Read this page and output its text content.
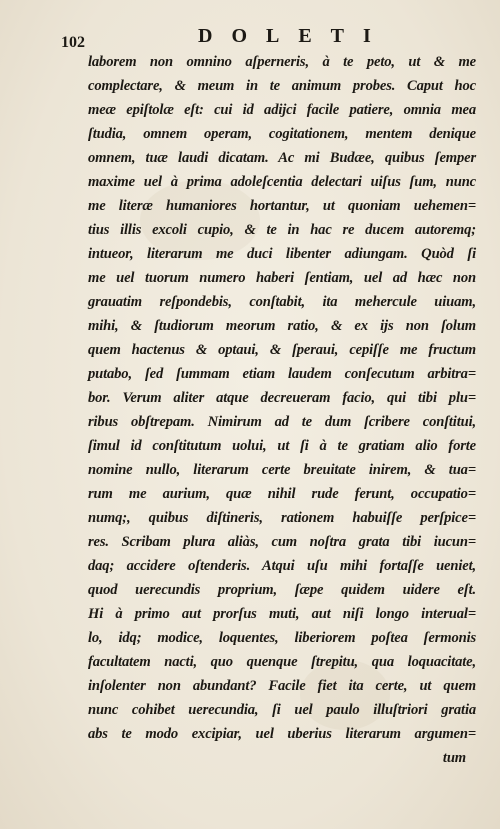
102	DOLETI
laborem non omnino aſperneris, à te peto, ut & me
complectare, & meum in te animum probes. Caput hoc
meæ epiſtolæ eſt: cui id adijci facile patiere, omnia mea
ſtudia, omnem operam, cogitationem, mentem denique
omnem, tuæ laudi dicatam. Ac mi Budæe, quibus ſemper
maxime uel à prima adoleſcentia delectari uiſus ſum, nunc
me literæ humaniores hortantur, ut quoniam uehemen=
tius illis excoli cupio, & te in hac re ducem autoremq;
intueor, literarum me duci libenter adiungam. Quòd ſi
me uel tuorum numero haberi ſentiam, uel ad hæc non
grauatim reſpondebis, conſtabit, ita mehercule uiuam,
mihi, & ſtudiorum meorum ratio, & ex ijs non ſolum
quem hactenus & optaui, & ſperaui, cepiſſe me fructum
putabo, ſed ſummam etiam laudem conſecutum arbitra=
bor. Verum aliter atque decreueram facio, qui tibi plu=
ribus obſtrepam. Nimirum ad te dum ſcribere conſtitui,
ſimul id conſtitutum uolui, ut ſi à te gratiam alio forte
nomine nullo, literarum certe breuitate inirem, & tua=
rum me aurium, quæ nihil rude ferunt, occupatio=
numq;, quibus diſtineris, rationem habuiſſe perſpice=
res. Scribam plura aliàs, cum noſtra grata tibi iucun=
daq; accidere oſtenderis. Atqui uſu mihi fortaſſe ueniet,
quod uerecundis proprium, ſæpe quidem uidere eſt.
Hi à primo aut prorſus muti, aut niſi longo interual=
lo, idq; modice, loquentes, liberiorem poſtea ſermonis
facultatem nacti, quo quenque ſtrepitu, qua loquacitate,
inſolenter non abundant? Facile fiet ita certe, ut quem
nunc cohibet uerecundia, ſi uel paulo illuſtriori gratia
abs te modo excipiar, uel uberius literarum argumen=
tum
